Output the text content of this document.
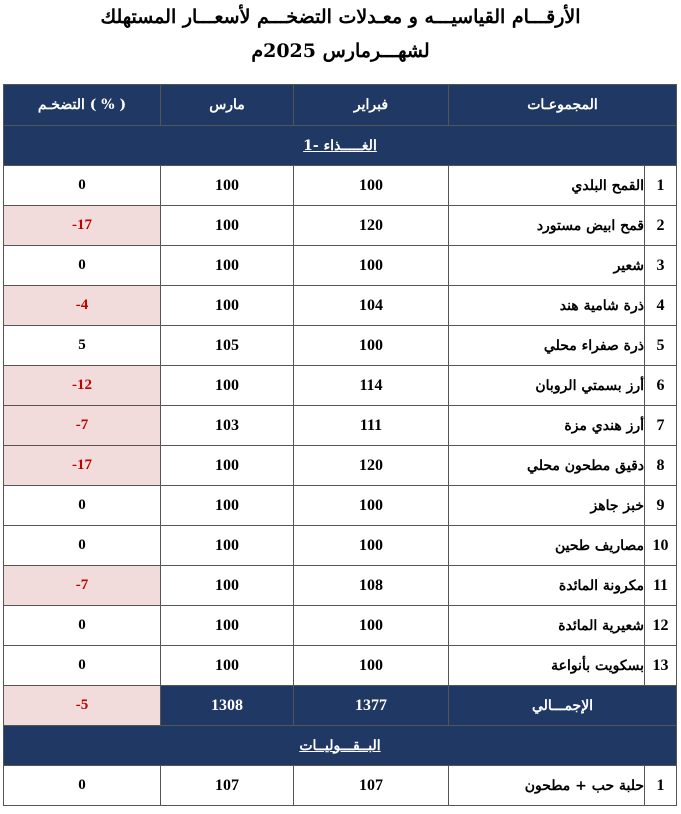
الأرقـــام القياسيـــه و معـدلات التضخـــم لأسعـــار المستهلك
لشهـــرمارس 2025م
التضخـم ( % )	مارس	فبراير	المجموعـات	
1- الغـــــذاء				
0	100	100	القمح البلدي	1
-17	100	120	قمح ابيض مستورد	2
0	100	100	شعير	3
-4	100	104	ذرة شامية هند	4
5	105	100	ذرة صفراء محلي	5
-12	100	114	أرز بسمتي الروبان	6
-7	103	111	أرز هندي مزة	7
-17	100	120	دقيق مطحون محلي	8
0	100	100	خبز جاهز	9
0	100	100	مصاريف طحين	10
-7	100	108	مكرونة المائدة	11
0	100	100	شعيرية المائدة	12
0	100	100	بسكويت بأنواعة	13
-5	1308	1377	الإجمـــالي	
البــقـــوليــات				
0	107	107	حلبة حب + مطحون	1
